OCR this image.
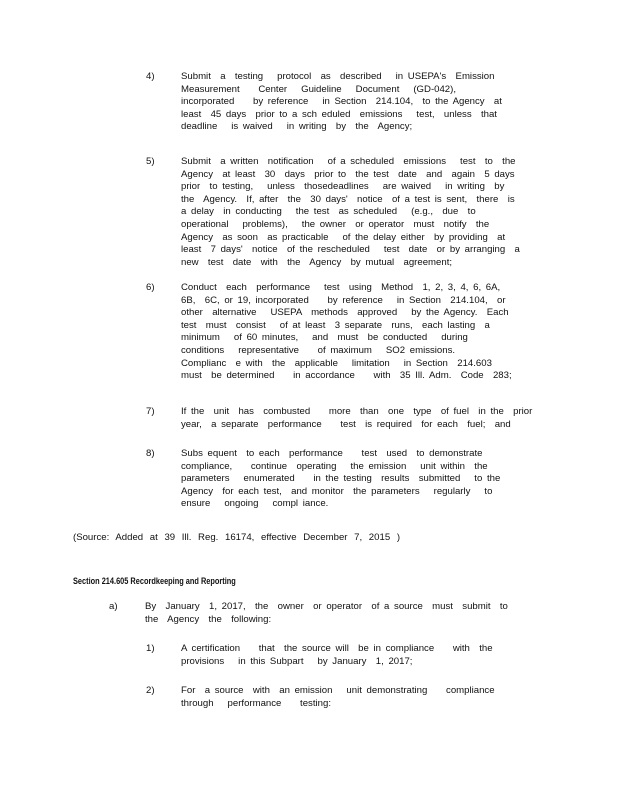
4)	Submit  a  testing   protocol  as  described   in USEPA's  Emission
Measurement    Center   Guideline   Document   (GD-042),
incorporated    by reference   in Section  214.104,  to the Agency  at
least  45 days  prior to a sch eduled  emissions   test,  unless  that
deadline   is waived   in writing  by  the  Agency;
5)	Submit  a written  notification   of a scheduled  emissions   test  to  the
Agency  at least  30  days  prior to  the test  date  and  again  5 days
prior  to testing,   unless  thosedeadlines   are waived   in writing  by
the  Agency.  If, after  the  30 days'  notice  of a test is sent,  there  is
a delay  in conducting   the test  as scheduled   (e.g.,  due  to
operational   problems),   the owner  or operator  must  notify  the
Agency  as soon  as practicable   of the delay either  by providing  at
least  7 days'  notice  of the rescheduled   test  date  or by arranging  a
new  test  date  with  the  Agency  by mutual  agreement;
6)	Conduct  each  performance   test  using  Method  1, 2, 3, 4, 6, 6A,
6B,  6C, or 19, incorporated    by reference   in Section  214.104,  or
other  alternative   USEPA  methods  approved   by the Agency.  Each
test  must  consist   of at least  3 separate  runs,  each lasting  a
minimum   of 60 minutes,   and  must  be conducted   during
conditions   representative    of maximum   SO2 emissions.
Complianc  e with  the  applicable   limitation   in Section  214.603
must  be determined    in accordance    with  35 Ill. Adm.  Code  283;
7)	If the  unit  has  combusted    more  than  one  type  of fuel  in the  prior
year,  a separate  performance    test  is required  for each  fuel;  and
8)	Subs equent  to each  performance    test  used  to demonstrate
compliance,    continue  operating   the emission   unit within  the
parameters   enumerated    in the testing  results  submitted   to the
Agency  for each test,  and monitor  the parameters   regularly   to
ensure   ongoing   compl iance.
(Source: Added at 39 Ill. Reg. 16174, effective December 7, 2015 )
Section 214.605 Recordkeeping and Reporting
a)	By  January  1, 2017,  the  owner  or operator  of a source  must  submit  to
the  Agency  the  following:
1)	A certification    that  the source will  be in compliance    with  the
provisions   in this Subpart   by January  1, 2017;
2)	For  a source  with  an emission   unit demonstrating    compliance
through   performance    testing:
